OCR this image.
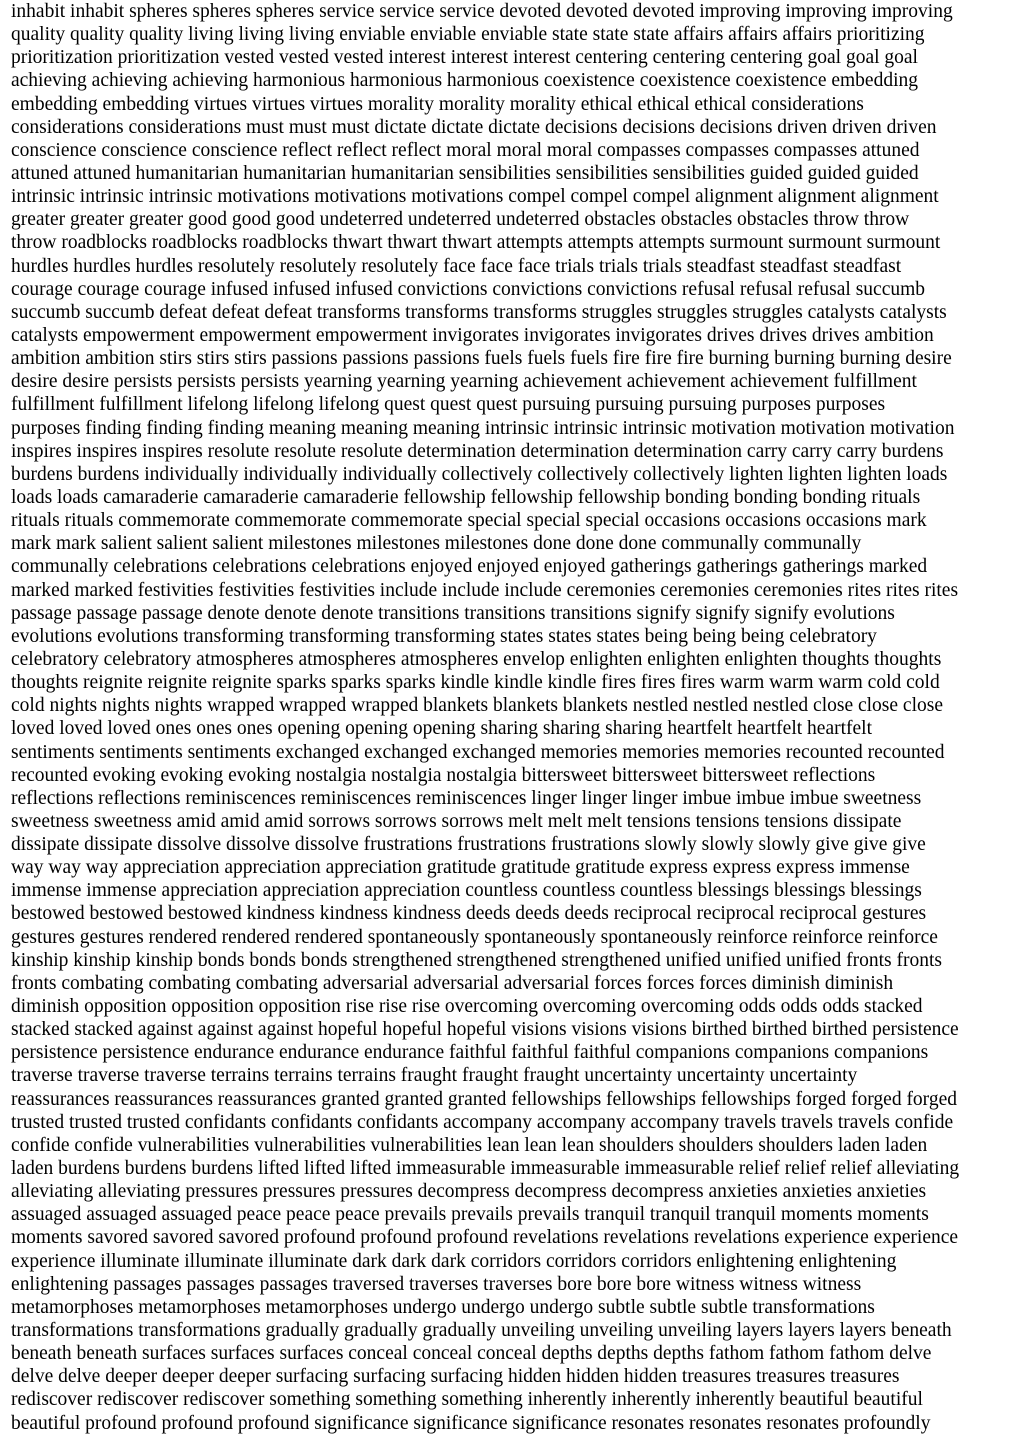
inhabit inhabit spheres spheres spheres service service service devoted devoted devoted improving improving improving
quality quality quality living living living enviable enviable enviable state state state affairs affairs affairs prioritizing
prioritization prioritization vested vested vested interest interest interest centering centering centering goal goal goal
achieving achieving achieving harmonious harmonious harmonious coexistence coexistence coexistence embedding
embedding embedding virtues virtues virtues morality morality morality ethical ethical ethical considerations
considerations considerations must must must dictate dictate dictate decisions decisions decisions driven driven driven
conscience conscience conscience reflect reflect reflect moral moral moral compasses compasses compasses attuned
attuned attuned humanitarian humanitarian humanitarian sensibilities sensibilities sensibilities guided guided guided
intrinsic intrinsic intrinsic motivations motivations motivations compel compel compel alignment alignment alignment
greater greater greater good good good undeterred undeterred undeterred obstacles obstacles obstacles throw throw
throw roadblocks roadblocks roadblocks thwart thwart thwart attempts attempts attempts surmount surmount surmount
hurdles hurdles hurdles resolutely resolutely resolutely face face face trials trials trials steadfast steadfast steadfast
courage courage courage infused infused infused convictions convictions convictions refusal refusal refusal succumb
succumb succumb defeat defeat defeat transforms transforms transforms struggles struggles struggles catalysts catalysts
catalysts empowerment empowerment empowerment invigorates invigorates invigorates drives drives drives ambition
ambition ambition stirs stirs stirs passions passions passions fuels fuels fuels fire fire fire burning burning burning desire
desire desire persists persists persists yearning yearning yearning achievement achievement achievement fulfillment
fulfillment fulfillment lifelong lifelong lifelong quest quest quest pursuing pursuing pursuing purposes purposes
purposes finding finding finding meaning meaning meaning intrinsic intrinsic intrinsic motivation motivation motivation
inspires inspires inspires resolute resolute resolute determination determination determination carry carry carry burdens
burdens burdens individually individually individually collectively collectively collectively lighten lighten lighten loads
loads loads camaraderie camaraderie camaraderie fellowship fellowship fellowship bonding bonding bonding rituals
rituals rituals commemorate commemorate commemorate special special special occasions occasions occasions mark
mark mark salient salient salient milestones milestones milestones done done done communally communally
communally celebrations celebrations celebrations enjoyed enjoyed enjoyed gatherings gatherings gatherings marked
marked marked festivities festivities festivities include include include ceremonies ceremonies ceremonies rites rites rites
passage passage passage denote denote denote transitions transitions transitions signify signify signify evolutions
evolutions evolutions transforming transforming transforming states states states being being being celebratory
celebratory celebratory atmospheres atmospheres atmospheres envelop enlighten enlighten enlighten thoughts thoughts
thoughts reignite reignite reignite sparks sparks sparks kindle kindle kindle fires fires fires warm warm warm cold cold
cold nights nights nights wrapped wrapped wrapped blankets blankets blankets nestled nestled nestled close close close
loved loved loved ones ones ones opening opening opening sharing sharing sharing heartfelt heartfelt heartfelt
sentiments sentiments sentiments exchanged exchanged exchanged memories memories memories recounted recounted
recounted evoking evoking evoking nostalgia nostalgia nostalgia bittersweet bittersweet bittersweet reflections
reflections reflections reminiscences reminiscences reminiscences linger linger linger imbue imbue imbue sweetness
sweetness sweetness amid amid amid sorrows sorrows sorrows melt melt melt tensions tensions tensions dissipate
dissipate dissipate dissolve dissolve dissolve frustrations frustrations frustrations slowly slowly slowly give give give
way way way appreciation appreciation appreciation gratitude gratitude gratitude express express express immense
immense immense appreciation appreciation appreciation countless countless countless blessings blessings blessings
bestowed bestowed bestowed kindness kindness kindness deeds deeds deeds reciprocal reciprocal reciprocal gestures
gestures gestures rendered rendered rendered spontaneously spontaneously spontaneously reinforce reinforce reinforce
kinship kinship kinship bonds bonds bonds strengthened strengthened strengthened unified unified unified fronts fronts
fronts combating combating combating adversarial adversarial adversarial forces forces forces diminish diminish
diminish opposition opposition opposition rise rise rise overcoming overcoming overcoming odds odds odds stacked
stacked stacked against against against hopeful hopeful hopeful visions visions visions birthed birthed birthed persistence
persistence persistence endurance endurance endurance faithful faithful faithful companions companions companions
traverse traverse traverse terrains terrains terrains fraught fraught fraught uncertainty uncertainty uncertainty
reassurances reassurances reassurances granted granted granted fellowships fellowships fellowships forged forged forged
trusted trusted trusted confidants confidants confidants accompany accompany accompany travels travels travels confide
confide confide vulnerabilities vulnerabilities vulnerabilities lean lean lean shoulders shoulders shoulders laden laden
laden burdens burdens burdens lifted lifted lifted immeasurable immeasurable immeasurable relief relief relief alleviating
alleviating alleviating pressures pressures pressures decompress decompress decompress anxieties anxieties anxieties
assuaged assuaged assuaged peace peace peace prevails prevails prevails tranquil tranquil tranquil moments moments
moments savored savored savored profound profound profound revelations revelations revelations experience experience
experience illuminate illuminate illuminate dark dark dark corridors corridors corridors enlightening enlightening
enlightening passages passages passages traversed traverses traverses bore bore bore witness witness witness
metamorphoses metamorphoses metamorphoses undergo undergo undergo subtle subtle subtle transformations
transformations transformations gradually gradually gradually unveiling unveiling unveiling layers layers layers beneath
beneath beneath surfaces surfaces surfaces conceal conceal conceal depths depths depths fathom fathom fathom delve
delve delve deeper deeper deeper surfacing surfacing surfacing hidden hidden hidden treasures treasures treasures
rediscover rediscover rediscover something something something inherently inherently inherently beautiful beautiful
beautiful profound profound profound significance significance significance resonates resonates resonates profoundly
